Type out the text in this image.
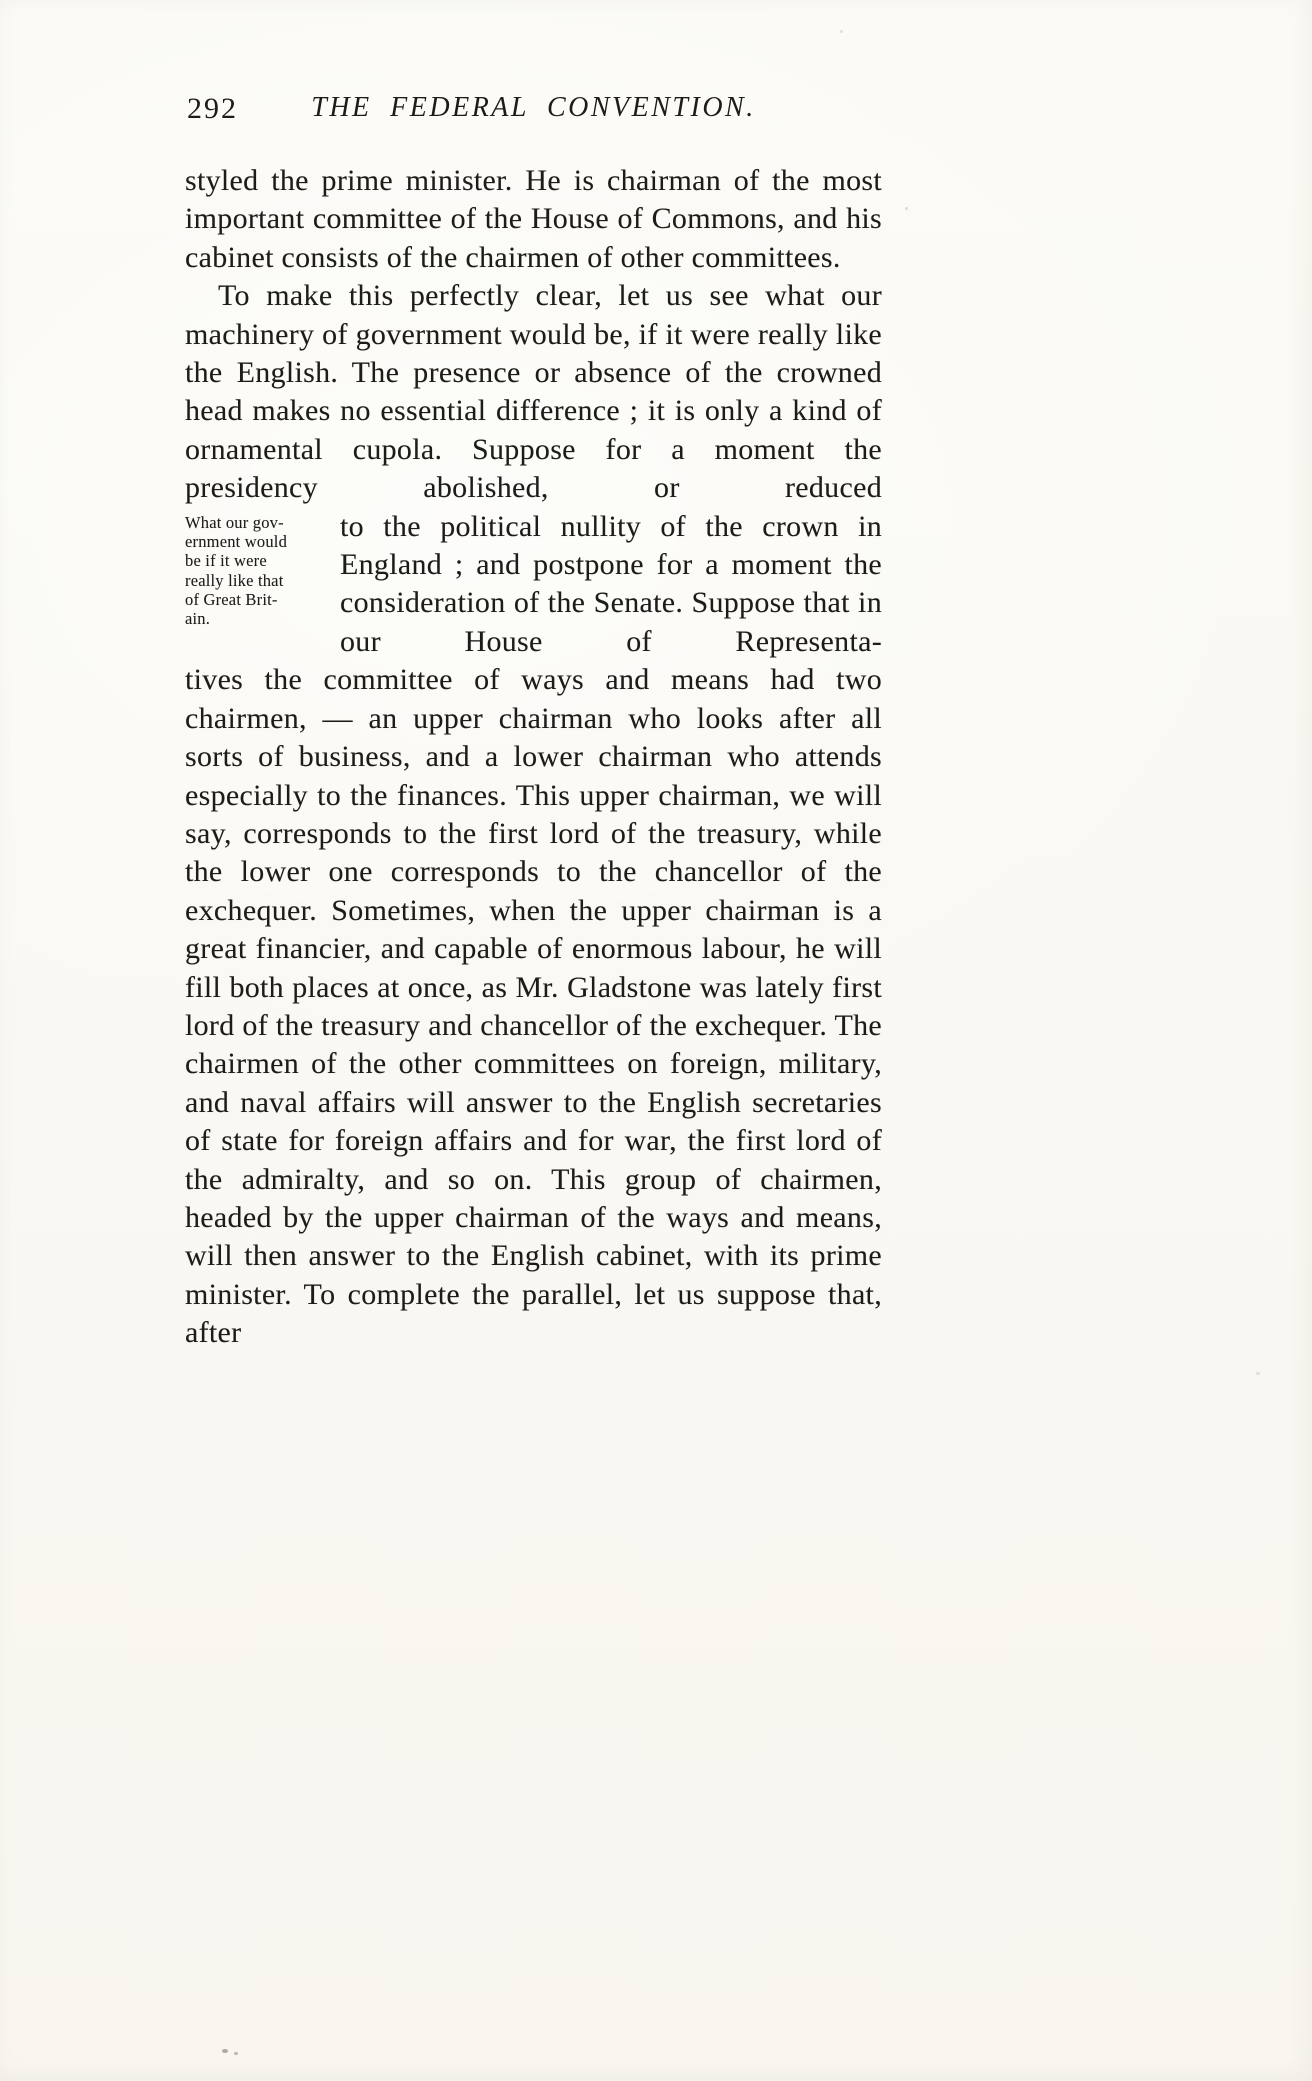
292	THE FEDERAL CONVENTION.

styled the prime minister. He is chairman of the most important committee of the House of Commons, and his cabinet consists of the chairmen of other committees.

To make this perfectly clear, let us see what our machinery of government would be, if it were really like the English. The presence or absence of the crowned head makes no essential difference ; it is only a kind of ornamental cupola. Suppose for a moment the presidency abolished, or reduced

What our gov-
ernment would
be if it were
really like that
of Great Brit-
ain.
to the political nullity of the crown in England ; and postpone for a moment the consideration of the Senate. Suppose that in our House of Representa-

tives the committee of ways and means had two chairmen, — an upper chairman who looks after all sorts of business, and a lower chairman who attends especially to the finances. This upper chairman, we will say, corresponds to the first lord of the treasury, while the lower one corresponds to the chancellor of the exchequer. Sometimes, when the upper chairman is a great financier, and capable of enormous labour, he will fill both places at once, as Mr. Gladstone was lately first lord of the treasury and chancellor of the exchequer. The chairmen of the other committees on foreign, military, and naval affairs will answer to the English secretaries of state for foreign affairs and for war, the first lord of the admiralty, and so on. This group of chairmen, headed by the upper chairman of the ways and means, will then answer to the English cabinet, with its prime minister. To complete the parallel, let us suppose that, after
